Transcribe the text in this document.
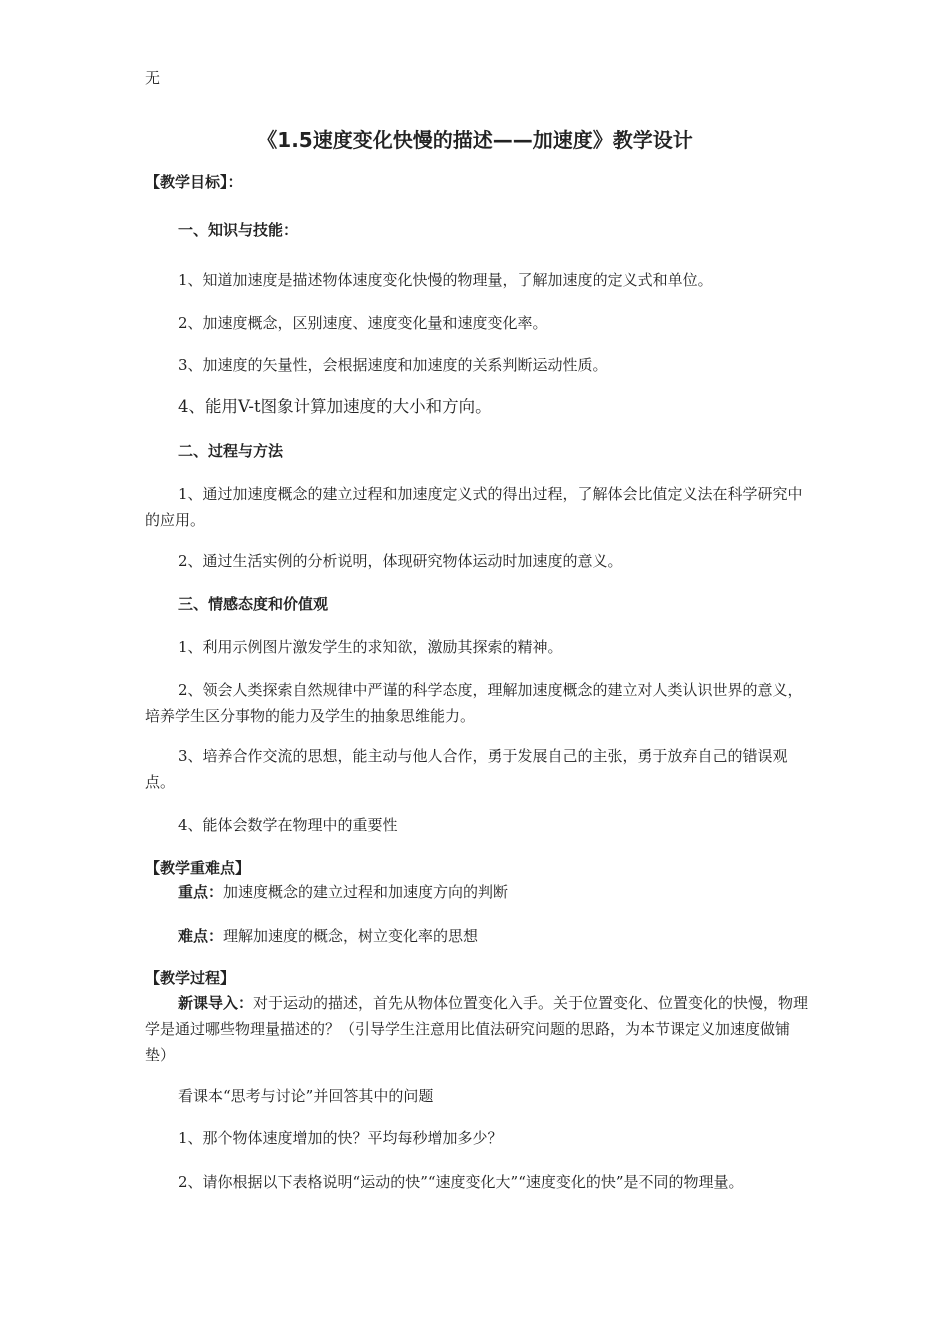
无

《1.5速度变化快慢的描述——加速度》教学设计

【教学目标】：

一、知识与技能：

1、知道加速度是描述物体速度变化快慢的物理量，了解加速度的定义式和单位。

2、加速度概念，区别速度、速度变化量和速度变化率。

3、加速度的矢量性，会根据速度和加速度的关系判断运动性质。

4、能用V-t图象计算加速度的大小和方向。

二、过程与方法

1、通过加速度概念的建立过程和加速度定义式的得出过程，了解体会比值定义法在科学研究中的应用。

2、通过生活实例的分析说明，体现研究物体运动时加速度的意义。

三、情感态度和价值观

1、利用示例图片激发学生的求知欲，激励其探索的精神。

2、领会人类探索自然规律中严谨的科学态度，理解加速度概念的建立对人类认识世界的意义，培养学生区分事物的能力及学生的抽象思维能力。

3、培养合作交流的思想，能主动与他人合作，勇于发展自己的主张，勇于放弃自己的错误观点。

4、能体会数学在物理中的重要性

【教学重难点】

重点：加速度概念的建立过程和加速度方向的判断

难点：理解加速度的概念，树立变化率的思想

【教学过程】

新课导入：对于运动的描述，首先从物体位置变化入手。关于位置变化、位置变化的快慢，物理学是通过哪些物理量描述的？（引导学生注意用比值法研究问题的思路，为本节课定义加速度做铺垫）

看课本“思考与讨论”并回答其中的问题

1、那个物体速度增加的快？平均每秒增加多少？

2、请你根据以下表格说明“运动的快”“速度变化大”“速度变化的快”是不同的物理量。
